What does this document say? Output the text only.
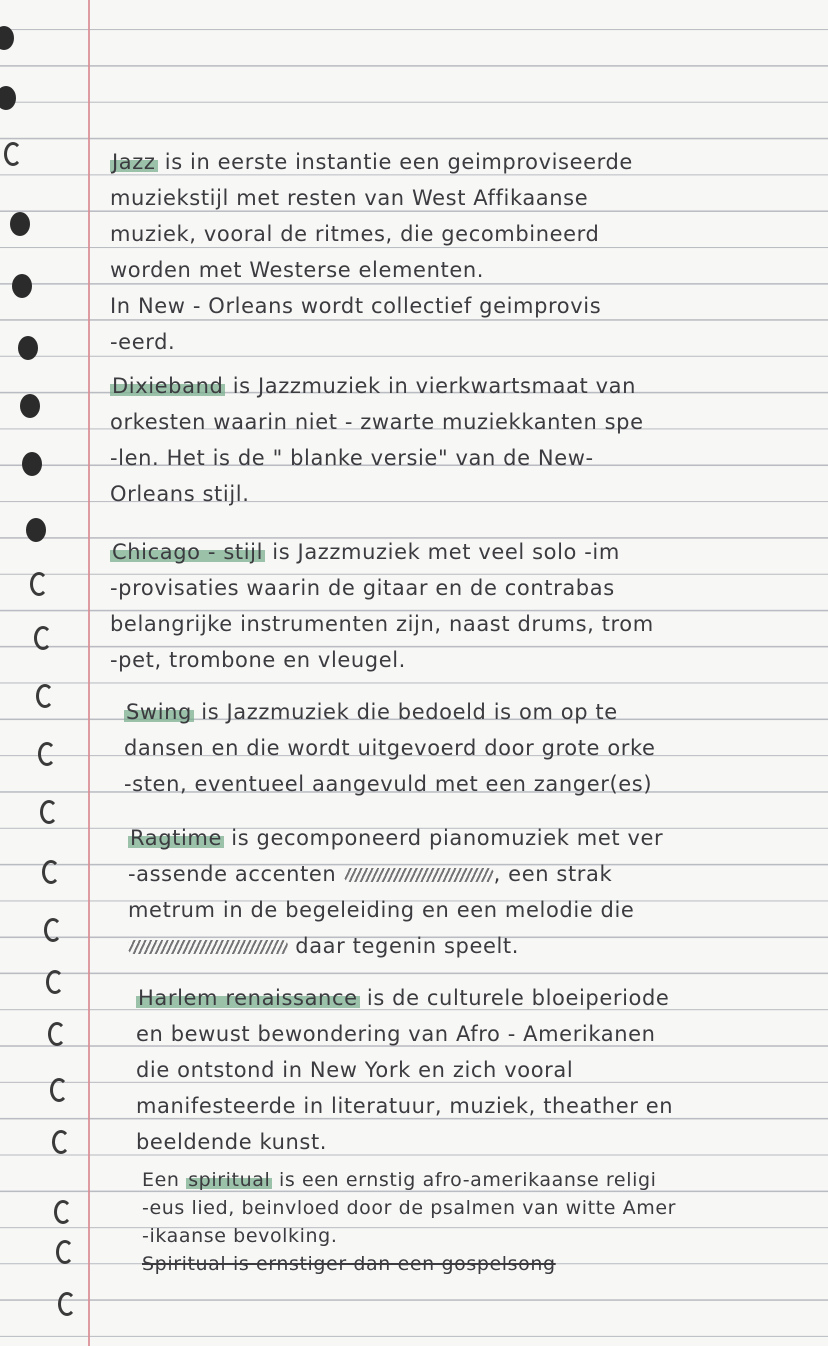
Jazz is in eerste instantie een geimproviseerde

muziekstijl met resten van West Affikaanse

muziek, vooral de ritmes, die gecombineerd

worden met Westerse elementen.

In New - Orleans wordt collectief geimprovis

-eerd.

Dixieband is Jazzmuziek in vierkwartsmaat van

orkesten waarin niet - zwarte muziekkanten spe

-len. Het is de " blanke versie" van de New-

Orleans stijl.

Chicago - stijl is Jazzmuziek met veel solo -im

-provisaties waarin de gitaar en de contrabas

belangrijke instrumenten zijn, naast drums, trom

-pet, trombone en vleugel.

Swing is Jazzmuziek die bedoeld is om op te

dansen en die wordt uitgevoerd door grote orke

-sten, eventueel aangevuld met een zanger(es)

Ragtime is gecomponeerd pianomuziek met ver

-assende accenten	, een strak

metrum in de begeleiding en een melodie die

daar tegenin speelt.

Harlem renaissance is de culturele bloeiperiode

en bewust bewondering van Afro - Amerikanen

die ontstond in New York en zich vooral

manifesteerde in literatuur, muziek, theather en

beeldende kunst.

Een spiritual is een ernstig afro-amerikaanse religi

-eus lied, beinvloed door de psalmen van witte Amer

-ikaanse bevolking.

Spiritual is ernstiger dan een gospelsong
